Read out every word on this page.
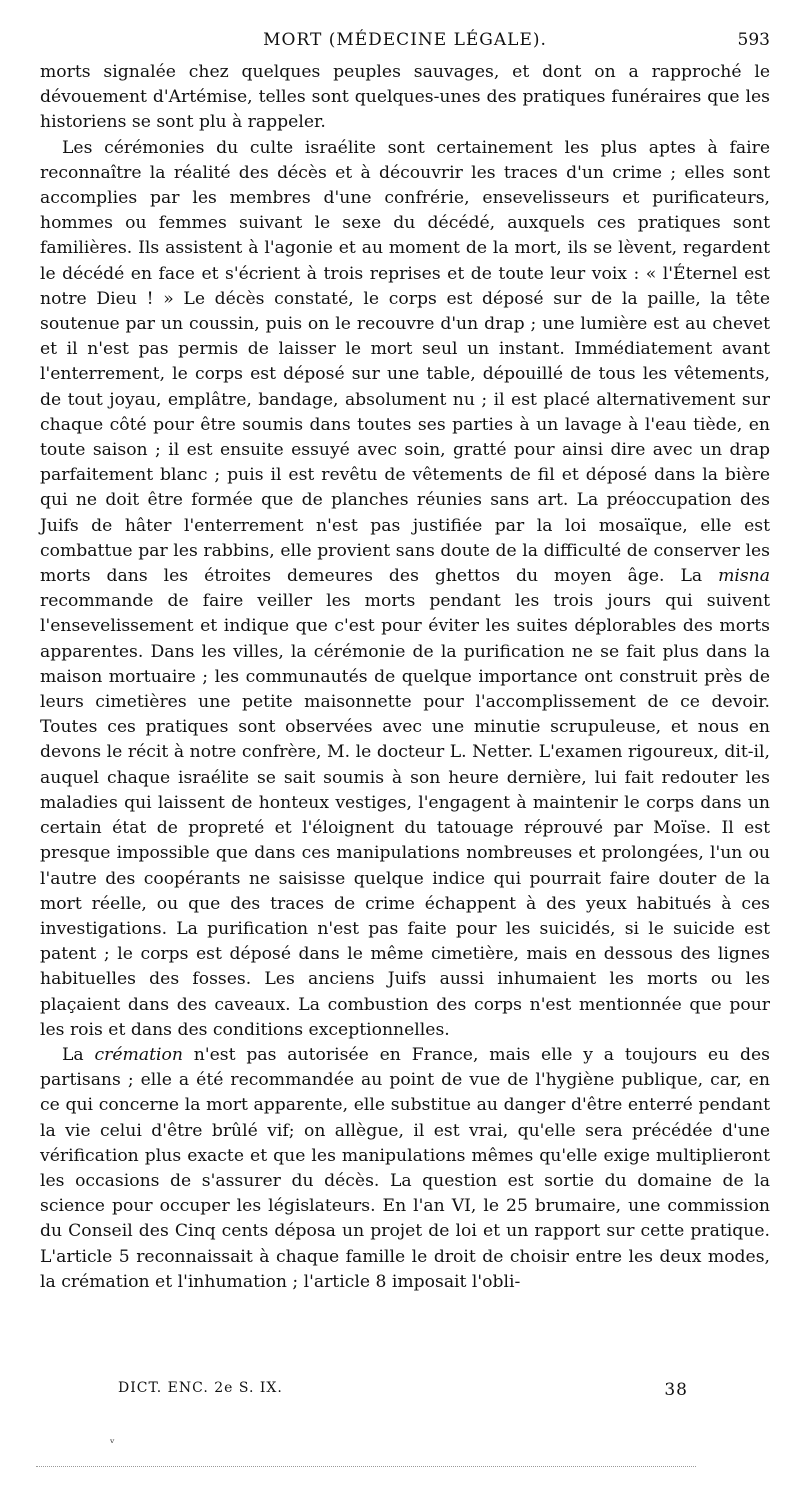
MORT (MÉDECINE LÉGALE).	593

morts signalée chez quelques peuples sauvages, et dont on a rapproché le dévouement d'Artémise, telles sont quelques-unes des pratiques funéraires que les historiens se sont plu à rappeler.

Les cérémonies du culte israélite sont certainement les plus aptes à faire reconnaître la réalité des décès et à découvrir les traces d'un crime ; elles sont accomplies par les membres d'une confrérie, ensevelisseurs et purificateurs, hommes ou femmes suivant le sexe du décédé, auxquels ces pratiques sont familières. Ils assistent à l'agonie et au moment de la mort, ils se lèvent, regardent le décédé en face et s'écrient à trois reprises et de toute leur voix : « l'Éternel est notre Dieu ! » Le décès constaté, le corps est déposé sur de la paille, la tête soutenue par un coussin, puis on le recouvre d'un drap ; une lumière est au chevet et il n'est pas permis de laisser le mort seul un instant. Immédiatement avant l'enterrement, le corps est déposé sur une table, dépouillé de tous les vêtements, de tout joyau, emplâtre, bandage, absolument nu ; il est placé alternativement sur chaque côté pour être soumis dans toutes ses parties à un lavage à l'eau tiède, en toute saison ; il est ensuite essuyé avec soin, gratté pour ainsi dire avec un drap parfaitement blanc ; puis il est revêtu de vêtements de fil et déposé dans la bière qui ne doit être formée que de planches réunies sans art. La préoccupation des Juifs de hâter l'enterrement n'est pas justifiée par la loi mosaïque, elle est combattue par les rabbins, elle provient sans doute de la difficulté de conserver les morts dans les étroites demeures des ghettos du moyen âge. La misna recommande de faire veiller les morts pendant les trois jours qui suivent l'ensevelissement et indique que c'est pour éviter les suites déplorables des morts apparentes. Dans les villes, la cérémonie de la purification ne se fait plus dans la maison mortuaire ; les communautés de quelque importance ont construit près de leurs cimetières une petite maisonnette pour l'accomplissement de ce devoir. Toutes ces pratiques sont observées avec une minutie scrupuleuse, et nous en devons le récit à notre confrère, M. le docteur L. Netter. L'examen rigoureux, dit-il, auquel chaque israélite se sait soumis à son heure dernière, lui fait redouter les maladies qui laissent de honteux vestiges, l'engagent à maintenir le corps dans un certain état de propreté et l'éloignent du tatouage réprouvé par Moïse. Il est presque impossible que dans ces manipulations nombreuses et prolongées, l'un ou l'autre des coopérants ne saisisse quelque indice qui pourrait faire douter de la mort réelle, ou que des traces de crime échappent à des yeux habitués à ces investigations. La purification n'est pas faite pour les suicidés, si le suicide est patent ; le corps est déposé dans le même cimetière, mais en dessous des lignes habituelles des fosses. Les anciens Juifs aussi inhumaient les morts ou les plaçaient dans des caveaux. La combustion des corps n'est mentionnée que pour les rois et dans des conditions exceptionnelles.

La crémation n'est pas autorisée en France, mais elle y a toujours eu des partisans ; elle a été recommandée au point de vue de l'hygiène publique, car, en ce qui concerne la mort apparente, elle substitue au danger d'être enterré pendant la vie celui d'être brûlé vif; on allègue, il est vrai, qu'elle sera précédée d'une vérification plus exacte et que les manipulations mêmes qu'elle exige multiplieront les occasions de s'assurer du décès. La question est sortie du domaine de la science pour occuper les législateurs. En l'an VI, le 25 brumaire, une commission du Conseil des Cinq cents déposa un projet de loi et un rapport sur cette pratique. L'article 5 reconnaissait à chaque famille le droit de choisir entre les deux modes, la crémation et l'inhumation ; l'article 8 imposait l'obli-

DICT. ENC. 2e S. IX.	38
ᵛ
